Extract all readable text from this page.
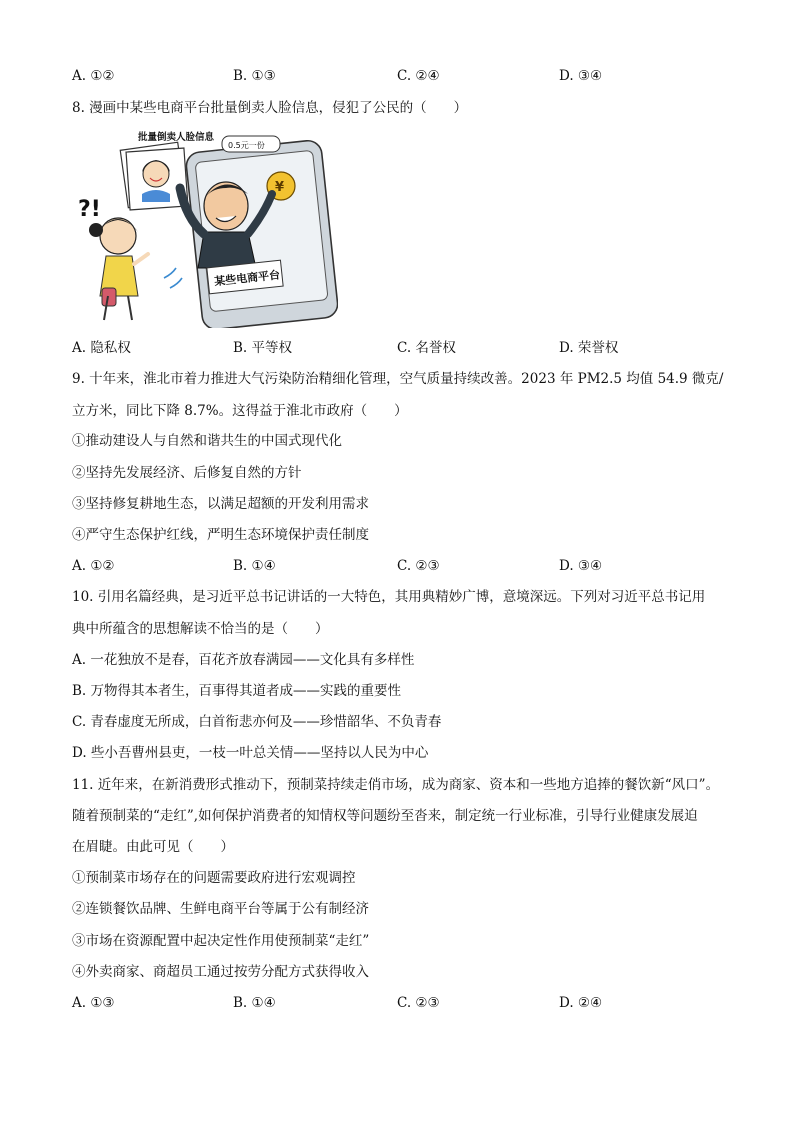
A. ①②	B. ①③	C. ②④	D. ③④
8. 漫画中某些电商平台批量倒卖人脸信息，侵犯了公民的（　　）
批量倒卖人脸信息
0.5元一份
¥
某些电商平台
?!
A. 隐私权	B. 平等权	C. 名誉权	D. 荣誉权
9. 十年来，淮北市着力推进大气污染防治精细化管理，空气质量持续改善。2023 年 PM2.5 均值 54.9 微克/
立方米，同比下降 8.7%。这得益于淮北市政府（　　）
①推动建设人与自然和谐共生的中国式现代化
②坚持先发展经济、后修复自然的方针
③坚持修复耕地生态，以满足超额的开发利用需求
④严守生态保护红线，严明生态环境保护责任制度
A. ①②	B. ①④	C. ②③	D. ③④
10. 引用名篇经典，是习近平总书记讲话的一大特色，其用典精妙广博，意境深远。下列对习近平总书记用
典中所蕴含的思想解读不恰当的是（　　）
A. 一花独放不是春，百花齐放春满园——文化具有多样性
B. 万物得其本者生，百事得其道者成——实践的重要性
C. 青春虚度无所成，白首衔悲亦何及——珍惜韶华、不负青春
D. 些小吾曹州县吏，一枝一叶总关情——坚持以人民为中心
11. 近年来，在新消费形式推动下，预制菜持续走俏市场，成为商家、资本和一些地方追捧的餐饮新“风口”。
随着预制菜的“走红”,如何保护消费者的知情权等问题纷至沓来，制定统一行业标准，引导行业健康发展迫
在眉睫。由此可见（　　）
①预制菜市场存在的问题需要政府进行宏观调控
②连锁餐饮品牌、生鲜电商平台等属于公有制经济
③市场在资源配置中起决定性作用使预制菜“走红”
④外卖商家、商超员工通过按劳分配方式获得收入
A. ①③	B. ①④	C. ②③	D. ②④
